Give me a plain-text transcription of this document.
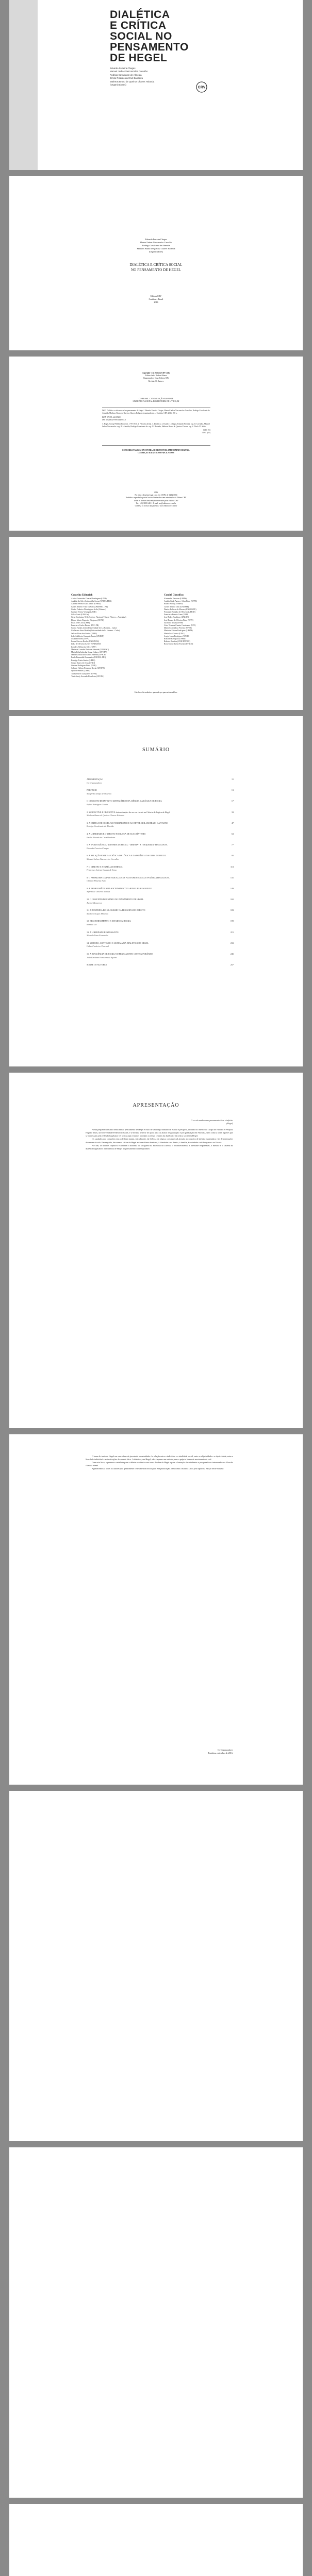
DIALÉTICA
E CRÍTICA
SOCIAL NO
PENSAMENTO
DE HEGEL
Eduardo Ferreira Chagas
Manoel Jarbas Vasconcelos Carvalho
Rodrigo Cavalcante de Almeida
Emílio Ricardo da Cruz Bandeira
Matheus Bruno de Queiroz Chaves Holanda
(Organizadores)
CRV
Eduardo Ferreira Chagas
Manoel Jarbas Vasconcelos Carvalho
Rodrigo Cavalcante de Almeida
Matheus Bruno de Queiroz Chaves Holanda
(Organizadores)
DIALÉTICA E CRÍTICA SOCIAL
NO PENSAMENTO DE HEGEL
Editora CRV
Curitiba – Brasil
2016
Copyright © da Editora CRV Ltda.
Editor-chefe: Railson Moura
Diagramação e Capa: Editora CRV
Revisão: Os Autores
CIP-BRASIL. CATALOGAÇÃO-NA-FONTE
SINDICATO NACIONAL DOS EDITORES DE LIVROS, RJ
D635 Dialética e crítica social no pensamento de Hegel / Eduardo Ferreira Chagas, Manoel Jarbas Vasconcelos Carvalho, Rodrigo Cavalcante de Almeida, Matheus Bruno de Queiroz Chaves Holanda (organizadores). – Curitiba: CRV, 2016. 258 p.
ISBN 978-85-444-0923-3
DOI 10.24824/978854440923.3
1. Hegel, Georg Wilhelm Friedrich, 1770-1831. 2. Filosofia alemã. 3. Dialética. 4. Estado. I. Chagas, Eduardo Ferreira. org. II. Carvalho, Manoel Jarbas Vasconcelos. org. III. Almeida, Rodrigo Cavalcante de. org. IV. Holanda, Matheus Bruno de Queiroz Chaves. org. V. Título VI. Série.
CDD 193
CDU 1(43)
ESTA OBRA TAMBÉM ENCONTRA-SE DISPONÍVEL EM FORMATO DIGITAL.
CONHEÇA E BAIXE NOSSO APLICATIVO!
2016
Foi feito o depósito legal conf. Lei 10.994 de 14/12/2004
Proibida a reprodução parcial ou total desta obra sem autorização da Editora CRV
Todos os direitos desta edição reservados pela: Editora CRV
Tel.: (41) 3039-6418 - E-mail: sac@editoracrv.com.br
Conheça os nossos lançamentos: www.editoracrv.com.br
Conselho Editorial:
Aldira Guimarães Duarte Domínguez (UNB)
Andréia da Silva Quintanilha Sousa (UNIR/UFRN)
Antônio Pereira Gaio Júnior (UFRRJ)
Carlos Alberto Vilar Estêvão (UMINHO – PT)
Carlos Federico Dominguez Avila (Unieuro)
Carmen Tereza Velanga (UNIR)
Celso Conti (UFSCar)
Cesar Gerónimo Tello (Univer. Nacional Três de Febrero – Argentina)
Elione Maria Nogueira Diogenes (UFAL)
Élsio José Corá (UFFS)
Francisco Carlos Duarte (PUC-PR)
Gloria Fariñas León (Universidade de La Havana – Cuba)
Guillermo Arias Beatón (Universidade de La Havana – Cuba)
Jailson Alves dos Santos (UFRJ)
João Adalberto Campato Junior (UNESP)
Josania Portela (UFPI)
Leonel Severo Rocha (UNISINOS)
Lídia de Oliveira Xavier (UNIEURO)
Lourdes Helena da Silva (UFV)
Maria de Lourdes Pinto de Almeida (UNOESC)
Maria Lília Imbiriba Sousa Colares (UFOPA)
Maria Cristina dos Santos Bezerra (UFSCar)
Paulo Romualdo Hernandes (UNIFAL-MG)
Rodrigo Pratte-Santos (UFES)
Sérgio Nunes de Jesus (IFRO)
Simone Rodrigues Pinto (UNB)
Solange Helena Ximenes-Rocha (UFOPA)
Sydione Santos (UEPG)
Tadeu Oliver Gonçalves (UFPA)
Tania Suely Azevedo Brasileiro (UFOPA)
Comitê Científico:
Alexandre Pierezan (UFMS)
Andréa Carla Agnes e Silva Pinto (UFPE)
Bruno Pucci (UNIMEP)
Carlos Alberto Dias (UNIMEP)
Denise Ballarin de Moraes (UNIOESTE)
Fernando Bonadia de Oliveira (UFRRJ)
Francisco Renato Lima (UFPI)
José Pedro Boufleuer (UNIJUÍ)
José Renato de Oliveira Pinto (UFPI)
Jucimara Rojas (UFMS)
Lívia Teixeira Canuto Cavalcante (UFF)
Maria Auxiliadora Ferreira (UFES)
Maria de Fátima Rodrigues (UFSM)
Maria José Guerra (UFAL)
Sergio Lima Rodrigues (UFGD)
Ronaldo Ravaglio (UFMS)
Roberto Rondon (UNICENTRO)
Rosa Maria Bueno Fischer (UFRGS)
Este livro foi avaliado e aprovado por pareceristas ad hoc.
SUMÁRIO
APRESENTAÇÃO	11
Os Organizadores
PREFÁCIO	13
Manfredo Araújo de Oliveira
O CONCEITO DE INFINITO MATEMÁTICO NA CIÊNCIA DA LÓGICA DE HEGEL	17
Rafael Rodrigues Garcia
2. SUBJEKTIVE E OBJEKTIVE: determinações do ser em círculo na Ciência da Lógica de Hegel	33
Matheus Bruno de Queiroz Chaves Holanda
3. A CRÍTICA DE HEGEL AO FORMALISMO E AO DEVER-SER ABSTRATO KANTIANO	47
Rodrigo Cavalcante de Almeida
4. A LIBERDADE E O DIREITO NA BUSCA DE SUAS SÍNTESES	63
Emílio Ricardo da Cruz Bandeira
5. A "POLIVALÊNCIA" DA OBRA DE HEGEL: "DIREITA" X "ESQUERDA" HEGELIANA	77
Eduardo Ferreira Chagas
6. A RELAÇÃO ENTRE A CRÍTICA DA LÓGICA E DA POLÍTICA NA OBRA DE HEGEL	95
Manoel Jarbas Vasconcelos Carvalho
7. O DIREITO E A FAMÍLIA EM HEGEL	113
Francisco Jozivan Guedes de Lima
8. O PROBLEMA DA INDIVIDUALIDADE NA TEORIA SOCIAL E POLÍTICA HEGELIANA	131
Olímpio Pimenta Neto
9. A PROBLEMÁTICA DA SOCIEDADE CIVIL-BURGUESA EM HEGEL	149
Alfredo de Oliveira Moraes
10. O CONCEITO DE ESTADO NO PENSAMENTO DE HEGEL	165
Agemir Bavaresco
11. A DOUTRINA DO SILOGISMO NA FILOSOFIA DO DIREITO	183
Marloren Lopes Miranda
12. RECONHECIMENTO E ESTADO EM HEGEL	199
Konrad Utz
13. A LIBERDADE RESPONSÁVEL	215
Marcelo Lima Fernandes
14. MÉTODO, CONTEÚDO E SISTEMA NA DIALÉTICA DE HEGEL	233
Héber Frederico Pimentel
15. A INFLUÊNCIA DE HEGEL NO PENSAMENTO CONTEMPORÂNEO	245
João Emiliano Fortaleza de Aquino
SOBRE OS AUTORES	257
APRESENTAÇÃO
O ser da razão como pensamento livre e infinito.
(Hegel)

Nossa pequena coletânea dedicada ao pensamento de Hegel é fruto de um longo trabalho de estudo e pesquisa, iniciado no interior do Grupo de Estudos e Pesquisa Hegel e Marx, da Universidade Federal do Ceará, e se destina a servir de apoio para os alunos de graduação e pós-graduação em Filosofia, bem como a todos aqueles que se interessam pela reflexão hegeliana. Os textos aqui reunidos abordam os temas centrais da dialética e da crítica social em Hegel.

Os capítulos que compõem esta coletânea tratam, inicialmente, da Ciência da Lógica, com especial atenção ao conceito de infinito matemático e às determinações do ser em círculo. Em seguida, discutem a crítica de Hegel ao formalismo kantiano, à liberdade e ao direito, à família, à sociedade civil-burguesa e ao Estado.

Por fim, os últimos capítulos examinam a doutrina do silogismo na Filosofia do Direito, o reconhecimento, a liberdade responsável, o método e o sistema na dialética hegeliana e a influência de Hegel no pensamento contemporâneo.

O tema do texto de Hegel em suas obras da juventude e maturidade é a relação entre o indivíduo e a totalidade social, entre a subjetividade e a objetividade, entre a liberdade individual e as instituições do mundo ético. A dialética, em Hegel, não é apenas um método, mas a própria forma de movimento do real.

Com este livro, esperamos contribuir para o debate acadêmico em torno da obra de Hegel e para a formação de estudantes e pesquisadores interessados na filosofia clássica alemã.

Agradecemos a todos os autores que gentilmente cederam seus textos para esta publicação, bem como à Editora CRV pelo apoio na edição deste volume.

Os Organizadores
Fortaleza, setembro de 2016.
